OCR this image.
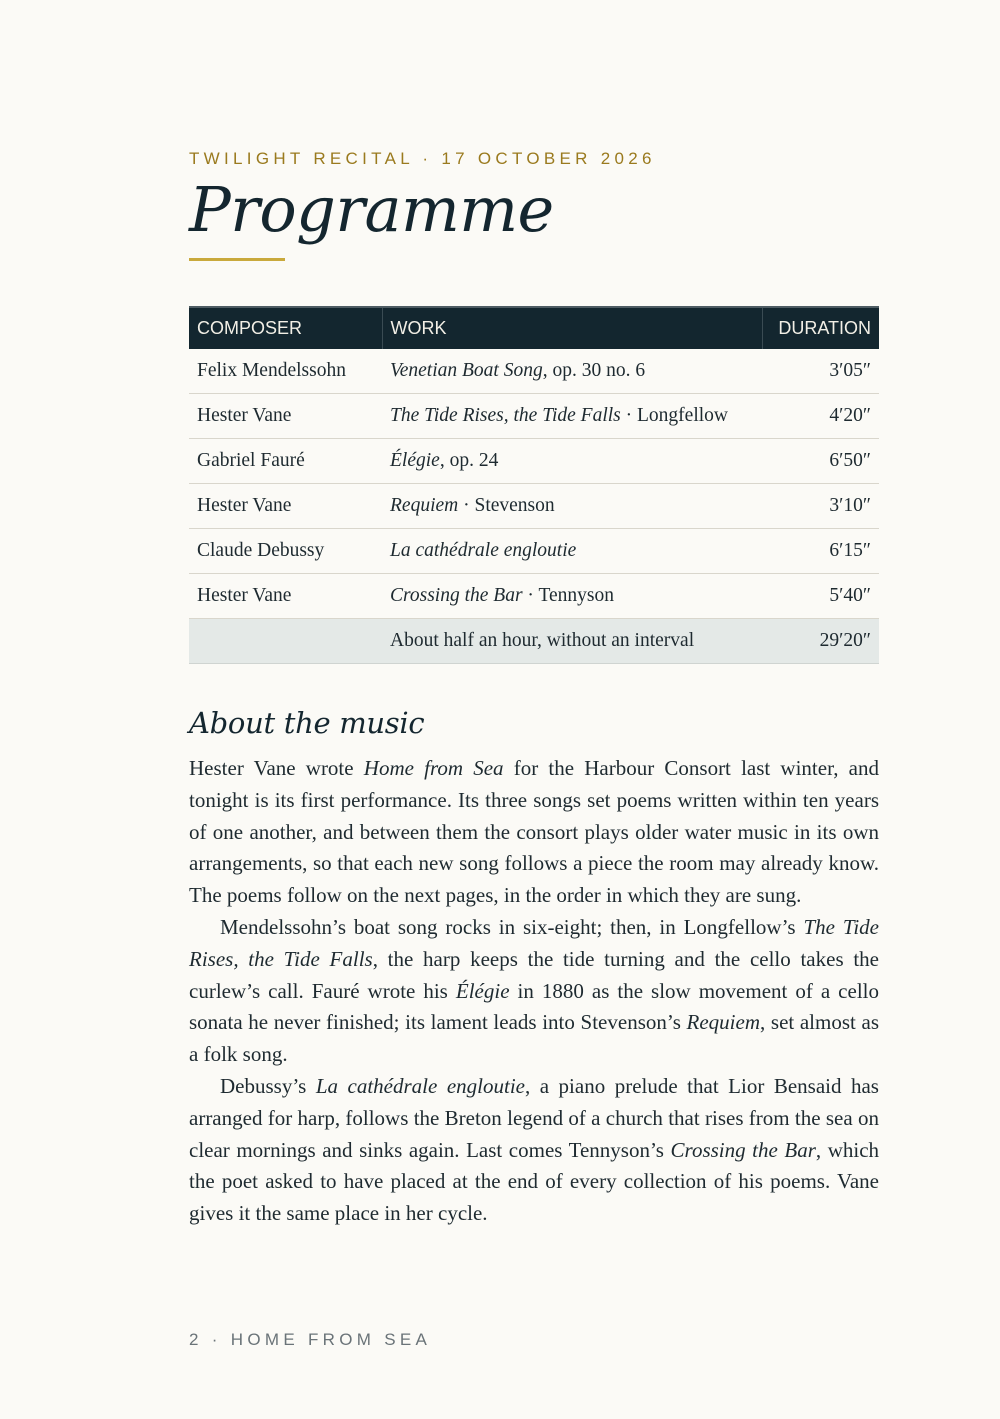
TWILIGHT RECITAL · 17 OCTOBER 2026
Programme
COMPOSER	WORK	DURATION
Felix Mendelssohn	Venetian Boat Song, op. 30 no. 6	3′05″
Hester Vane	The Tide Rises, the Tide Falls · Longfellow	4′20″
Gabriel Fauré	Élégie, op. 24	6′50″
Hester Vane	Requiem · Stevenson	3′10″
Claude Debussy	La cathédrale engloutie	6′15″
Hester Vane	Crossing the Bar · Tennyson	5′40″
	About half an hour, without an interval	29′20″
About the music

Hester Vane wrote Home from Sea for the Harbour Consort last winter, and tonight is its first performance. Its three songs set poems written within ten years of one another, and between them the consort plays older water music in its own arrangements, so that each new song follows a piece the room may already know. The poems follow on the next pages, in the order in which they are sung.

Mendelssohn’s boat song rocks in six-eight; then, in Longfellow’s The Tide Rises, the Tide Falls, the harp keeps the tide turning and the cello takes the curlew’s call. Fauré wrote his Élégie in 1880 as the slow movement of a cello sonata he never finished; its lament leads into Stevenson’s Requiem, set almost as a folk song.

Debussy’s La cathédrale engloutie, a piano prelude that Lior Bensaid has arranged for harp, follows the Breton legend of a church that rises from the sea on clear mornings and sinks again. Last comes Tennyson’s Crossing the Bar, which the poet asked to have placed at the end of every collection of his poems. Vane gives it the same place in her cycle.

2 · HOME FROM SEA
